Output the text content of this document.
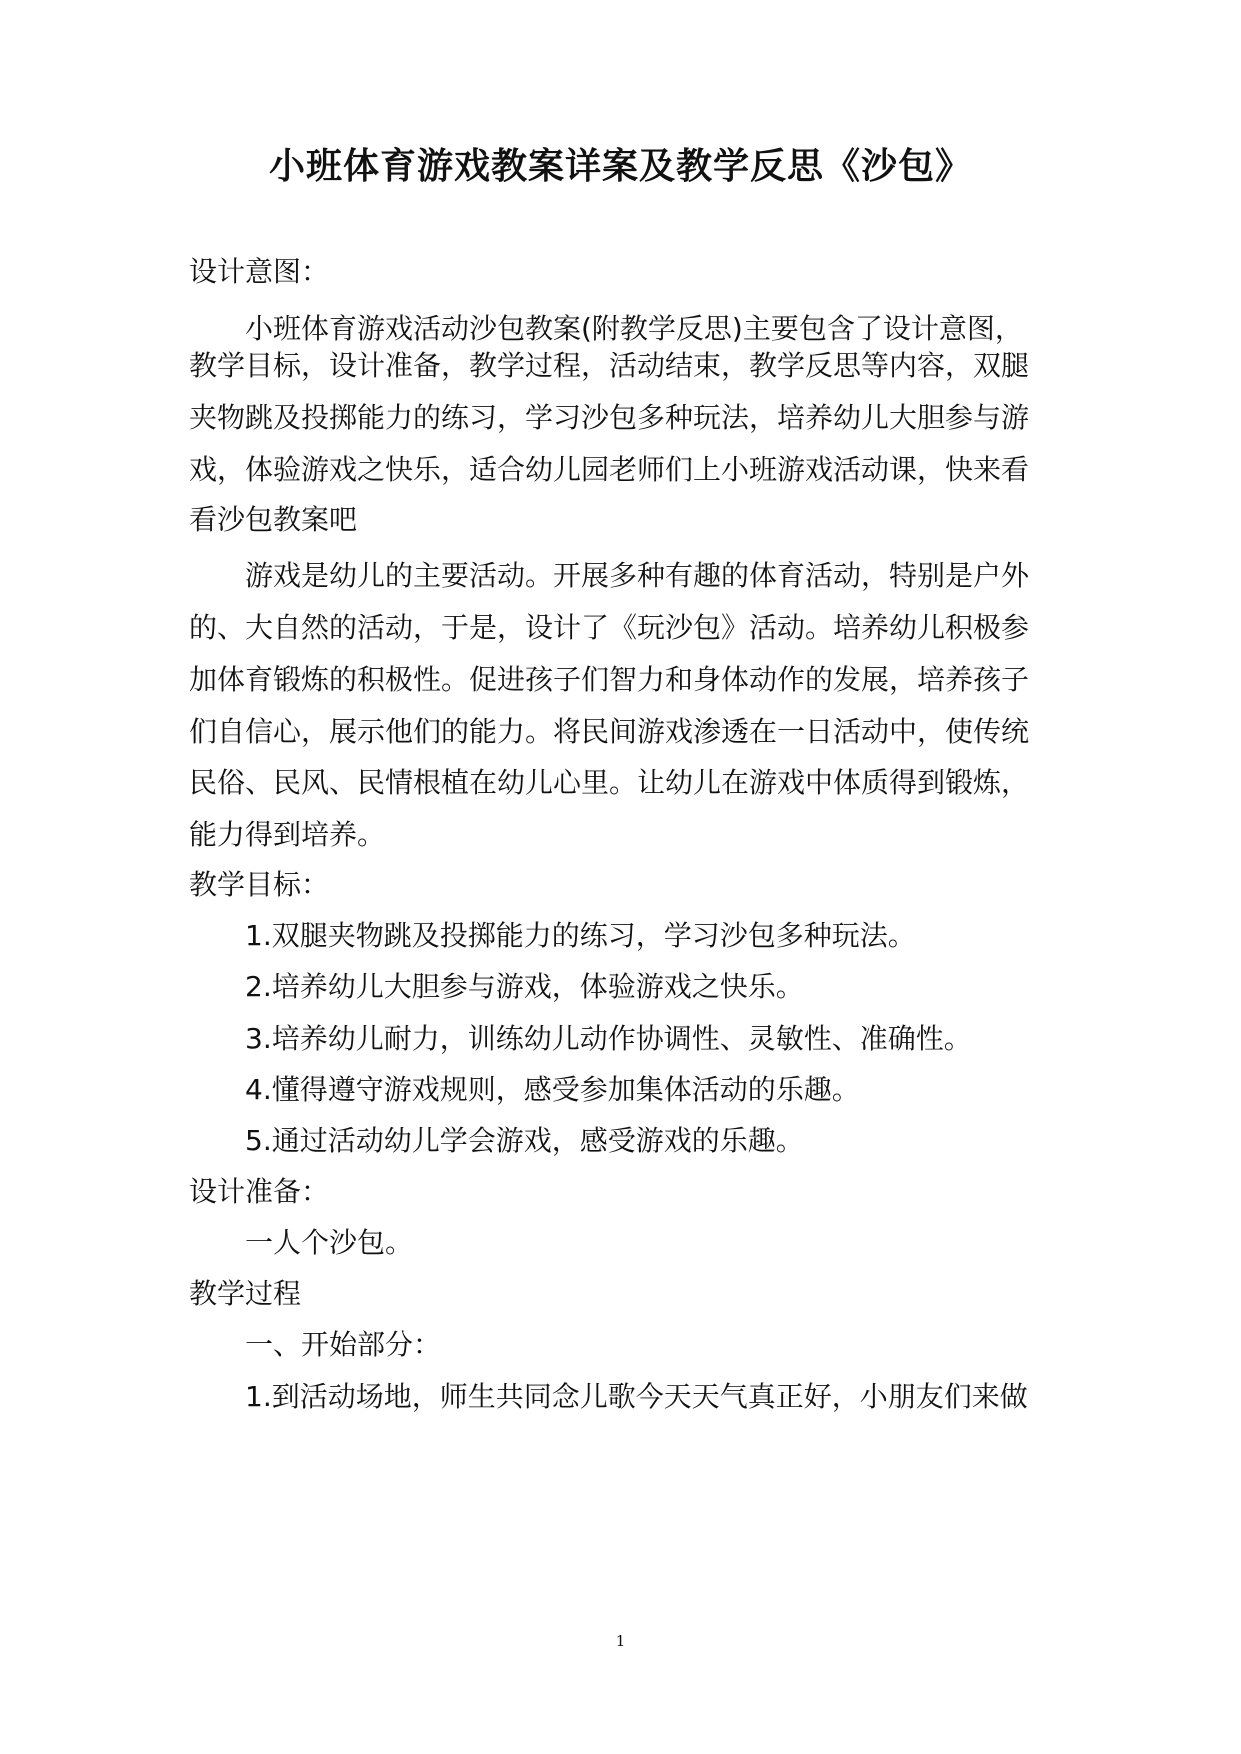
小班体育游戏教案详案及教学反思《沙包》
设计意图：
小班体育游戏活动沙包教案(附教学反思)主要包含了设计意图，
教学目标，设计准备，教学过程，活动结束，教学反思等内容，双腿
夹物跳及投掷能力的练习，学习沙包多种玩法，培养幼儿大胆参与游
戏，体验游戏之快乐，适合幼儿园老师们上小班游戏活动课，快来看
看沙包教案吧
游戏是幼儿的主要活动。开展多种有趣的体育活动，特别是户外
的、大自然的活动，于是，设计了《玩沙包》活动。培养幼儿积极参
加体育锻炼的积极性。促进孩子们智力和身体动作的发展，培养孩子
们自信心，展示他们的能力。将民间游戏渗透在一日活动中，使传统
民俗、民风、民情根植在幼儿心里。让幼儿在游戏中体质得到锻炼，
能力得到培养。
教学目标：
1.双腿夹物跳及投掷能力的练习，学习沙包多种玩法。
2.培养幼儿大胆参与游戏，体验游戏之快乐。
3.培养幼儿耐力，训练幼儿动作协调性、灵敏性、准确性。
4.懂得遵守游戏规则，感受参加集体活动的乐趣。
5.通过活动幼儿学会游戏，感受游戏的乐趣。
设计准备：
一人个沙包。
教学过程
一、开始部分：
1.到活动场地，师生共同念儿歌今天天气真正好，小朋友们来做
1
